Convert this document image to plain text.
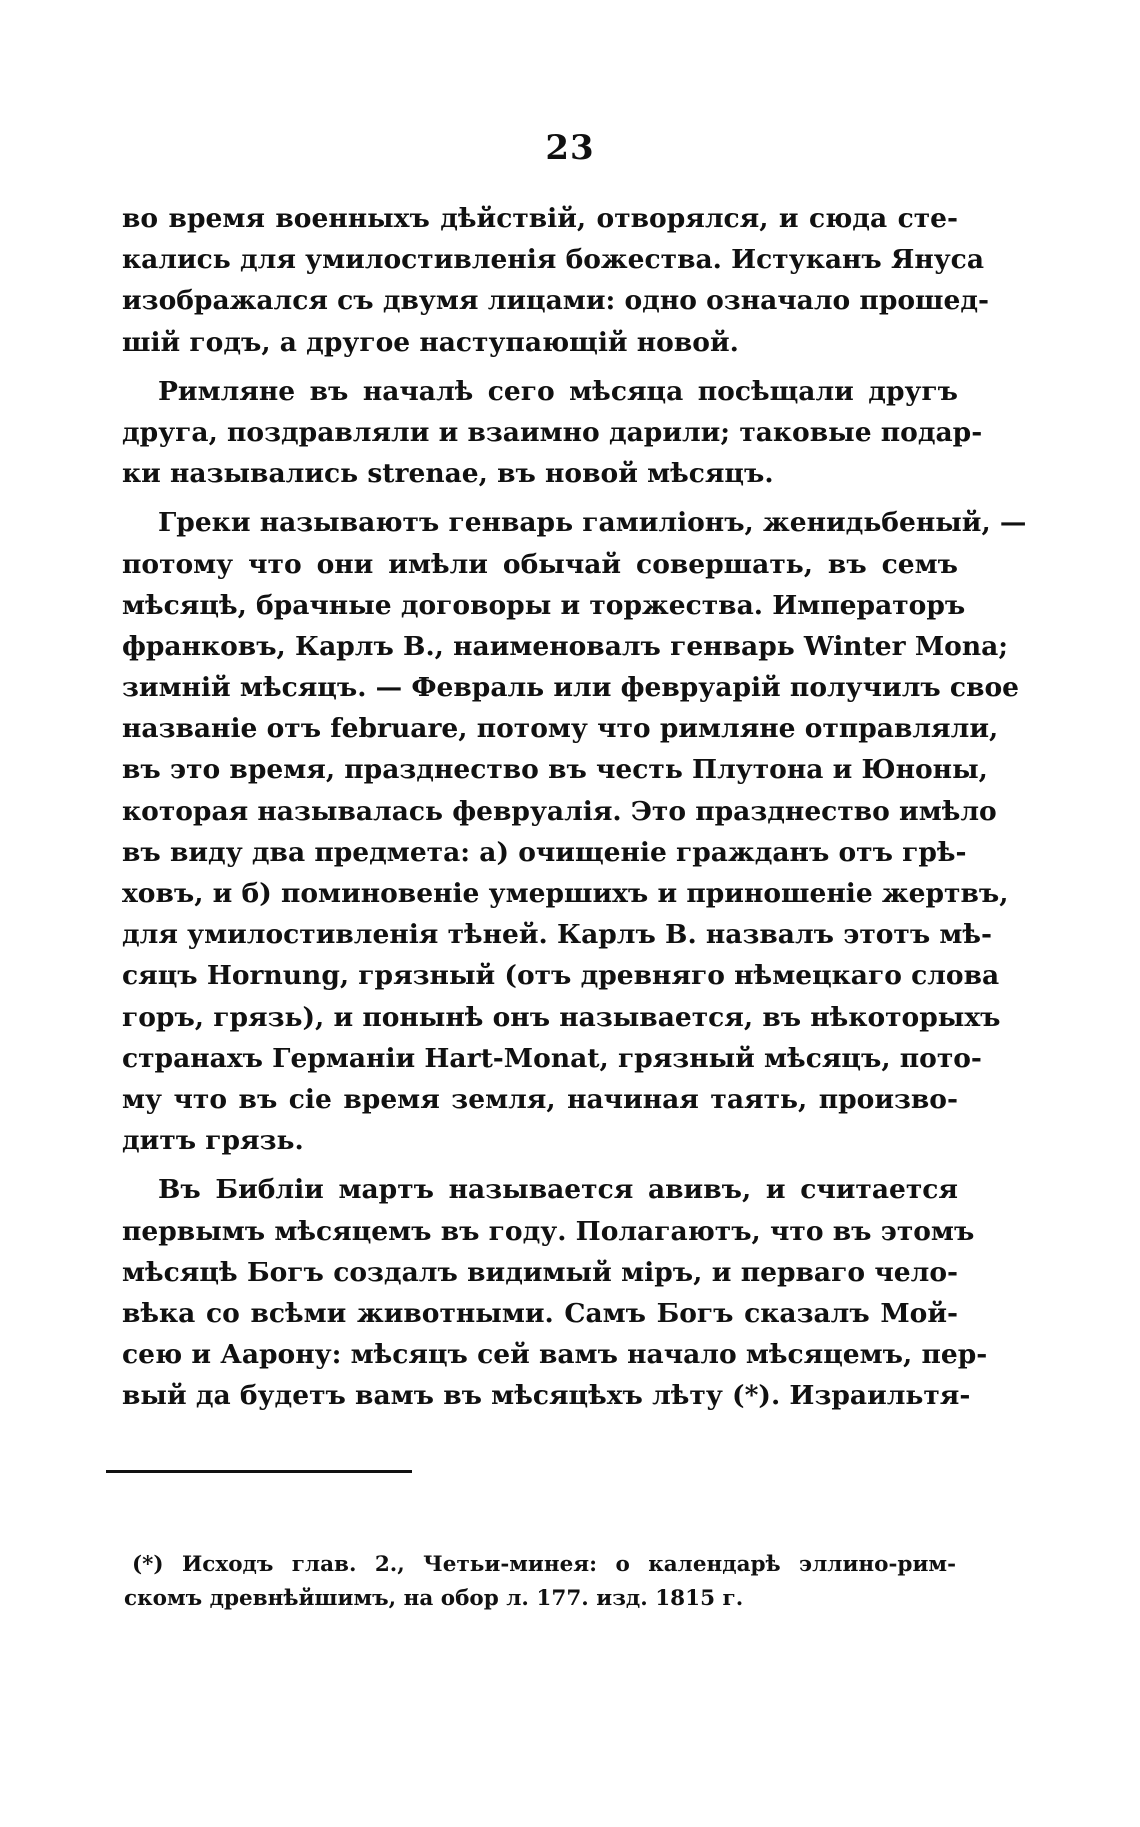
23
во время военныхъ дѣйствій, отворялся, и сюда сте-
кались для умилостивленія божества. Истуканъ Януса
изображался съ двумя лицами: одно означало прошед-
шій годъ, а другое наступающій новой.
Римляне въ началѣ сего мѣсяца посѣщали другъ
друга, поздравляли и взаимно дарили; таковые подар-
ки назывались strenae, въ новой мѣсяцъ.
Греки называютъ генварь гамиліонъ, женидьбеный, —
потому что они имѣли обычай совершать, въ семъ
мѣсяцѣ, брачные договоры и торжества. Императоръ
франковъ, Карлъ В., наименовалъ генварь Winter Mona;
зимній мѣсяцъ. — Февраль или февруарій получилъ свое
названіе отъ februare, потому что римляне отправляли,
въ это время, празднество въ честь Плутона и Юноны,
которая называлась февруалія. Это празднество имѣло
въ виду два предмета: а) очищеніе гражданъ отъ грѣ-
ховъ, и б) поминовеніе умершихъ и приношеніе жертвъ,
для умилостивленія тѣней. Карлъ В. назвалъ этотъ мѣ-
сяцъ Hornung, грязный (отъ древняго нѣмецкаго слова
горъ, грязь), и понынѣ онъ называется, въ нѣкоторыхъ
странахъ Германіи Hart-Monat, грязный мѣсяцъ, пото-
му что въ сіе время земля, начиная таять, произво-
дитъ грязь.
Въ Библіи мартъ называется авивъ, и считается
первымъ мѣсяцемъ въ году. Полагаютъ, что въ этомъ
мѣсяцѣ Богъ создалъ видимый міръ, и перваго чело-
вѣка со всѣми животными. Самъ Богъ сказалъ Мой-
сею и Аарону: мѣсяцъ сей вамъ начало мѣсяцемъ, пер-
вый да будетъ вамъ въ мѣсяцѣхъ лѣту (*). Израильтя-
(*) Исходъ глав. 2., Четьи-минея: о календарѣ эллино-рим-
скомъ древнѣйшимъ, на обор л. 177. изд. 1815 г.
